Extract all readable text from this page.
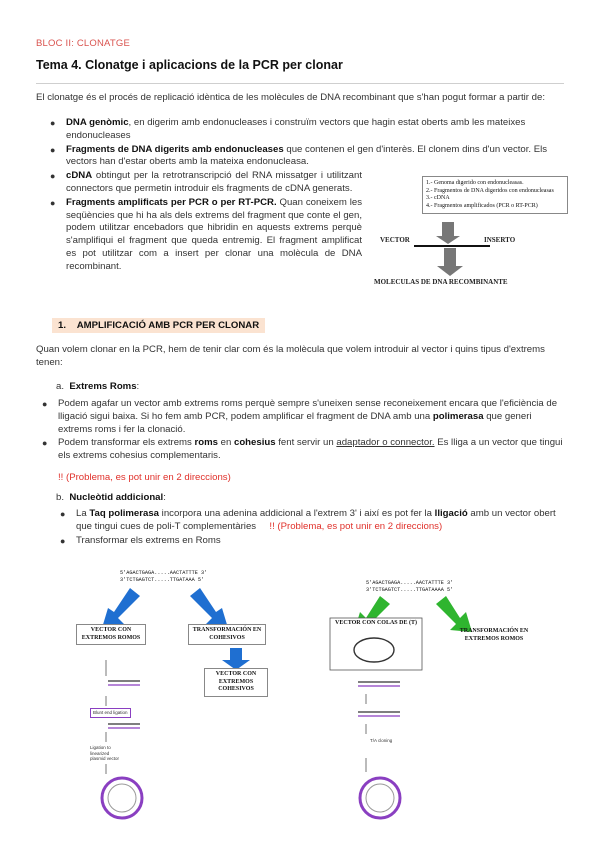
BLOC II: CLONATGE
Tema 4. Clonatge i aplicacions de la PCR per clonar
El clonatge és el procés de replicació idèntica de les molècules de DNA recombinant que s'han pogut formar a partir de:
● DNA genòmic, en digerim amb endonucleases i construïm vectors que hagin estat oberts amb les mateixes endonucleases
● Fragments de DNA digerits amb endonucleases que contenen el gen d'interès. El clonem dins d'un vector. Els vectors han d'estar oberts amb la mateixa endonucleasa.
● cDNA obtingut per la retrotranscripció del RNA missatger i utilitzant connectors que permetin introduir els fragments de cDNA generats.
● Fragments amplificats per PCR o per RT-PCR. Quan coneixem les seqüències que hi ha als dels extrems del fragment que conte el gen, podem utilitzar encebadors que hibridin en aquests extrems perquè s'amplifiqui el fragment que queda entremig. El fragment amplificat es pot utilitzar com a insert per clonar una molècula de DNA recombinant.
1.- Genoma digerido con endonucleasas.
2.- Fragmentos de DNA digeridos con endonucleasas
3.- cDNA
4.- Fragmentos amplificados (PCR o RT-PCR)
VECTOR	INSERTO
MOLECULAS DE DNA RECOMBINANTE
1. AMPLIFICACIÓ AMB PCR PER CLONAR
Quan volem clonar en la PCR, hem de tenir clar com és la molècula que volem introduir al vector i quins tipus d'extrems tenen:
a. Extrems Roms:
● Podem agafar un vector amb extrems roms perquè sempre s'uneixen sense reconeixement encara que l'eficiència de lligació sigui baixa. Si ho fem amb PCR, podem amplificar el fragment de DNA amb una polimerasa que generi extrems roms i fer la clonació.
● Podem transformar els extrems roms en cohesius fent servir un adaptador o connector. Es lliga a un vector que tingui els extrems cohesius complementaris.
!! (Problema, es pot unir en 2 direccions)
b. Nucleòtid addicional:
● La Taq polimerasa incorpora una adenina addicional a l'extrem 3' i així es pot fer la lligació amb un vector obert que tingui cues de poli-T complementàries !! (Problema, es pot unir en 2 direccions)
● Transformar els extrems en Roms
5'AGACTGAGA.....AACTATTTE 3'
3'TCTGAGTCT.....TTGATAAA 5'
VECTOR CON EXTREMOS ROMOS
TRANSFORMACIÓN EN COHESIVOS
VECTOR CON EXTREMOS COHESIVOS
Blunt end ligation
Ligation to linearized plasmid vector
5'AGACTGAGA.....AACTATTTE 3'
3'TCTGAGTCT.....TTGATAAAA 5'
VECTOR CON COLAS DE (T)
TRANSFORMACIÓN EN EXTREMOS ROMOS
T/A cloning
